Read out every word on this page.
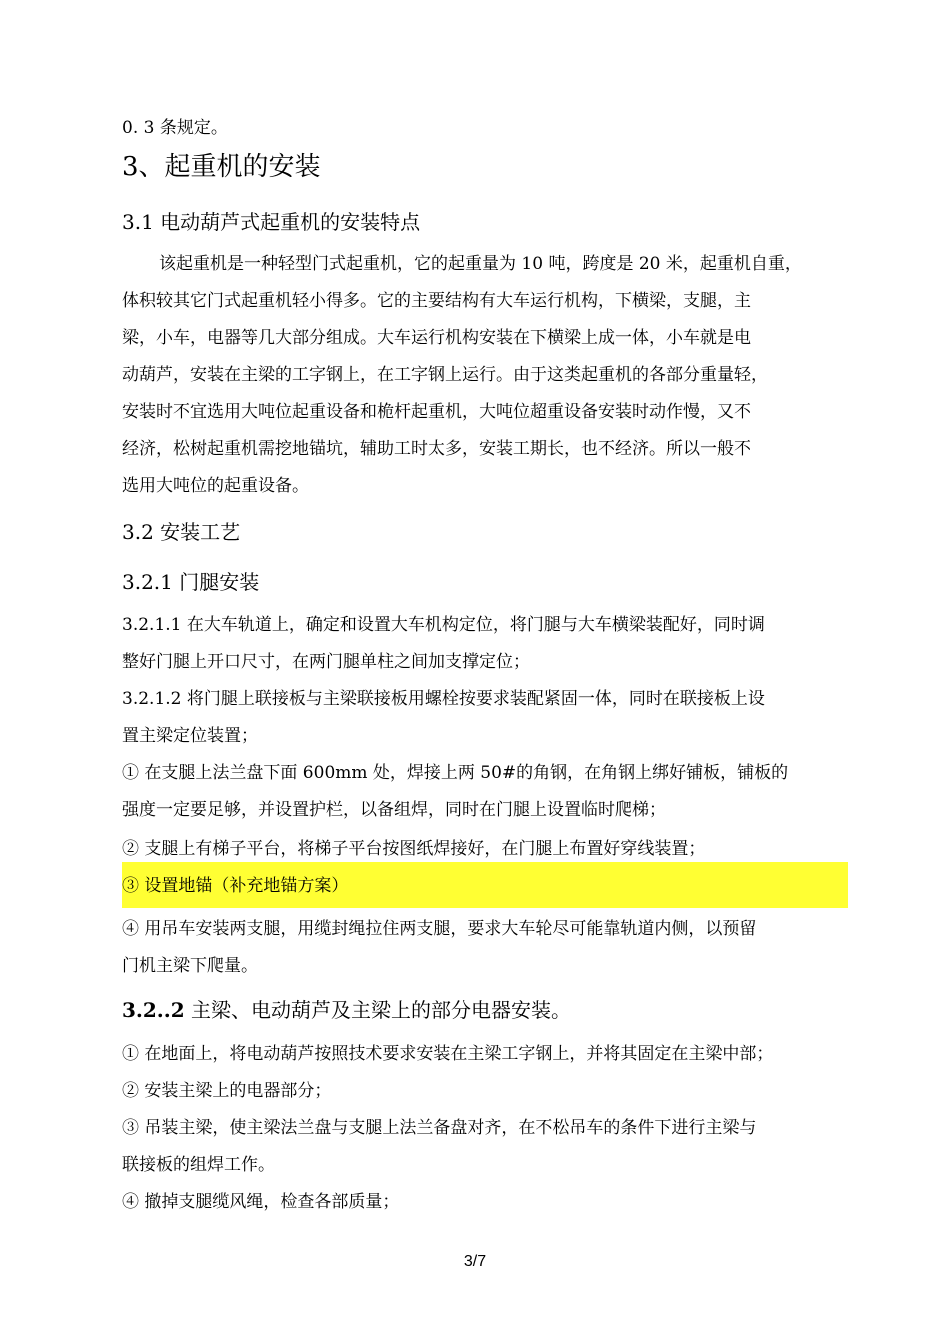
0. 3 条规定。
3、起重机的安装
3.1 电动葫芦式起重机的安装特点
该起重机是一种轻型门式起重机，它的起重量为 10 吨，跨度是 20 米，起重机自重，
体积较其它门式起重机轻小得多。它的主要结构有大车运行机构，下横梁，支腿，主
梁，小车，电器等几大部分组成。大车运行机构安装在下横梁上成一体，小车就是电
动葫芦，安装在主梁的工字钢上，在工字钢上运行。由于这类起重机的各部分重量轻，
安装时不宜选用大吨位起重设备和桅杆起重机，大吨位超重设备安装时动作慢，又不
经济，松树起重机需挖地锚坑，辅助工时太多，安装工期长，也不经济。所以一般不
选用大吨位的起重设备。
3.2 安装工艺
3.2.1 门腿安装
3.2.1.1 在大车轨道上，确定和设置大车机构定位，将门腿与大车横梁装配好，同时调
整好门腿上开口尺寸，在两门腿单柱之间加支撑定位；
3.2.1.2 将门腿上联接板与主梁联接板用螺栓按要求装配紧固一体，同时在联接板上设
置主梁定位装置；
① 在支腿上法兰盘下面 600mm 处，焊接上两 50#的角钢，在角钢上绑好铺板，铺板的
强度一定要足够，并设置护栏，以备组焊，同时在门腿上设置临时爬梯；
② 支腿上有梯子平台，将梯子平台按图纸焊接好，在门腿上布置好穿线装置；
③ 设置地锚（补充地锚方案）
④ 用吊车安装两支腿，用缆封绳拉住两支腿，要求大车轮尽可能靠轨道内侧，以预留
门机主梁下爬量。
3.2..2 主梁、电动葫芦及主梁上的部分电器安装。
① 在地面上，将电动葫芦按照技术要求安装在主梁工字钢上，并将其固定在主梁中部；
② 安装主梁上的电器部分；
③ 吊装主梁，使主梁法兰盘与支腿上法兰备盘对齐，在不松吊车的条件下进行主梁与
联接板的组焊工作。
④ 撤掉支腿缆风绳，检查各部质量；
3/7
